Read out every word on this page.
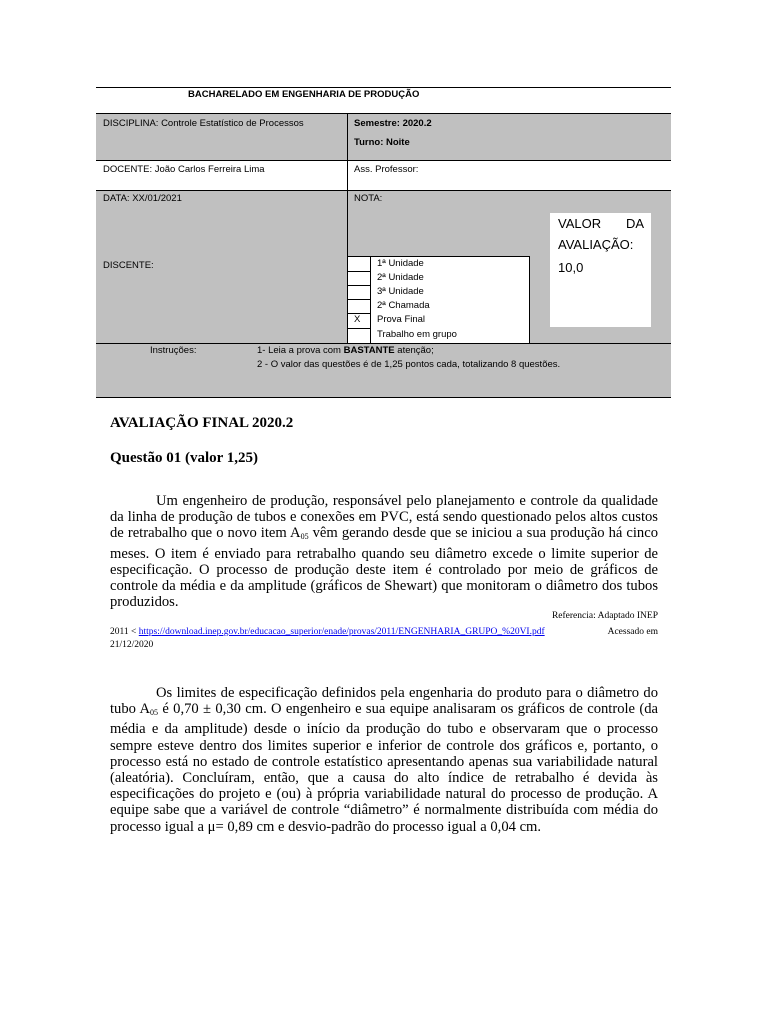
BACHARELADO EM ENGENHARIA DE PRODUÇÃO
DISCIPLINA: Controle Estatístico de Processos	Semestre: 2020.2
Turno: Noite
DOCENTE: João Carlos Ferreira Lima	Ass. Professor:
DATA: XX/01/2021	NOTA:
DISCENTE:
VALOR DA
AVALIAÇÃO:
10,0
1ª Unidade
2ª Unidade
3ª Unidade
2ª Chamada
X Prova Final
Trabalho em grupo
Instruções:	1- Leia a prova com BASTANTE atenção;
2 - O valor das questões é de 1,25 pontos cada, totalizando 8 questões.
AVALIAÇÃO FINAL 2020.2
Questão 01 (valor 1,25)

Um engenheiro de produção, responsável pelo planejamento e controle da qualidade da linha de produção de tubos e conexões em PVC, está sendo questionado pelos altos custos de retrabalho que o novo item $A_{05}$ vêm gerando desde que se iniciou a sua produção há cinco meses. O item é enviado para retrabalho quando seu diâmetro excede o limite superior de especificação. O processo de produção deste item é controlado por meio de gráficos de controle da média e da amplitude (gráficos de Shewart) que monitoram o diâmetro dos tubos produzidos.

Referencia: Adaptado INEP
2011 < https://download.inep.gov.br/educacao_superior/enade/provas/2011/ENGENHARIA_GRUPO_%20VI.pdf	Acessado em
21/12/2020

Os limites de especificação definidos pela engenharia do produto para o diâmetro do tubo $A_{05}$ é 0,70 ± 0,30 cm. O engenheiro e sua equipe analisaram os gráficos de controle (da média e da amplitude) desde o início da produção do tubo e observaram que o processo sempre esteve dentro dos limites superior e inferior de controle dos gráficos e, portanto, o processo está no estado de controle estatístico apresentando apenas sua variabilidade natural (aleatória). Concluíram, então, que a causa do alto índice de retrabalho é devida às especificações do projeto e (ou) à própria variabilidade natural do processo de produção. A equipe sabe que a variável de controle “diâmetro” é normalmente distribuída com média do processo igual a μ= 0,89 cm e desvio-padrão do processo igual a 0,04 cm.
